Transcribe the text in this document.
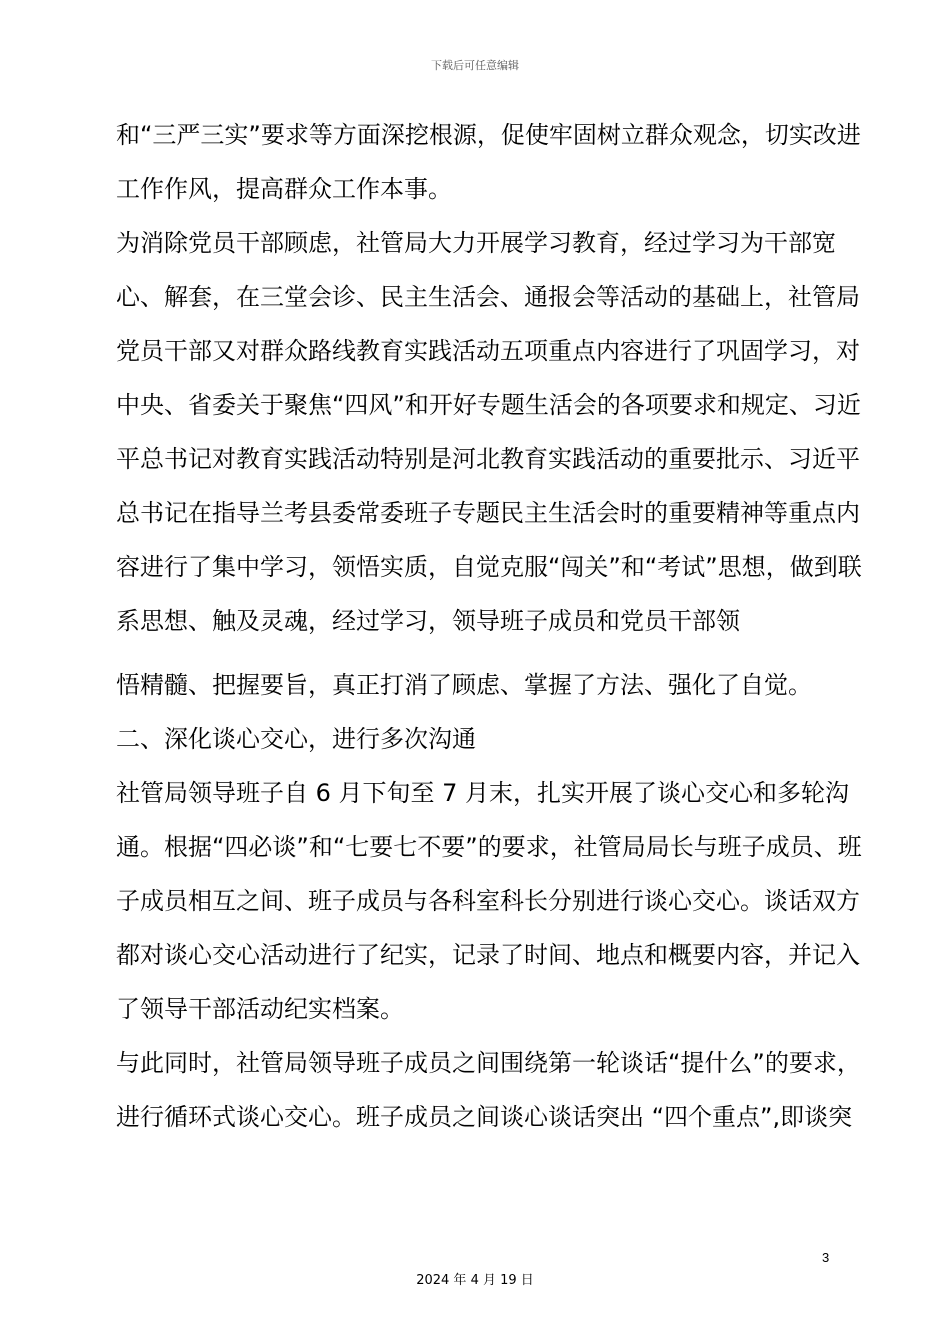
下载后可任意编辑
和“三严三实”要求等方面深挖根源，促使牢固树立群众观念，切实改进
工作作风，提高群众工作本事。
为消除党员干部顾虑，社管局大力开展学习教育，经过学习为干部宽
心、解套，在三堂会诊、民主生活会、通报会等活动的基础上，社管局
党员干部又对群众路线教育实践活动五项重点内容进行了巩固学习，对
中央、省委关于聚焦“四风”和开好专题生活会的各项要求和规定、习近
平总书记对教育实践活动特别是河北教育实践活动的重要批示、习近平
总书记在指导兰考县委常委班子专题民主生活会时的重要精神等重点内
容进行了集中学习，领悟实质，自觉克服“闯关”和“考试”思想，做到联
系思想、触及灵魂，经过学习，领导班子成员和党员干部领
悟精髓、把握要旨，真正打消了顾虑、掌握了方法、强化了自觉。
二、深化谈心交心，进行多次沟通
社管局领导班子自 6 月下旬至 7 月末，扎实开展了谈心交心和多轮沟
通。根据“四必谈”和“七要七不要”的要求，社管局局长与班子成员、班
子成员相互之间、班子成员与各科室科长分别进行谈心交心。谈话双方
都对谈心交心活动进行了纪实，记录了时间、地点和概要内容，并记入
了领导干部活动纪实档案。
与此同时，社管局领导班子成员之间围绕第一轮谈话“提什么”的要求，
进行循环式谈心交心。班子成员之间谈心谈话突出 “四个重点”,即谈突
3
2024 年 4 月 19 日
